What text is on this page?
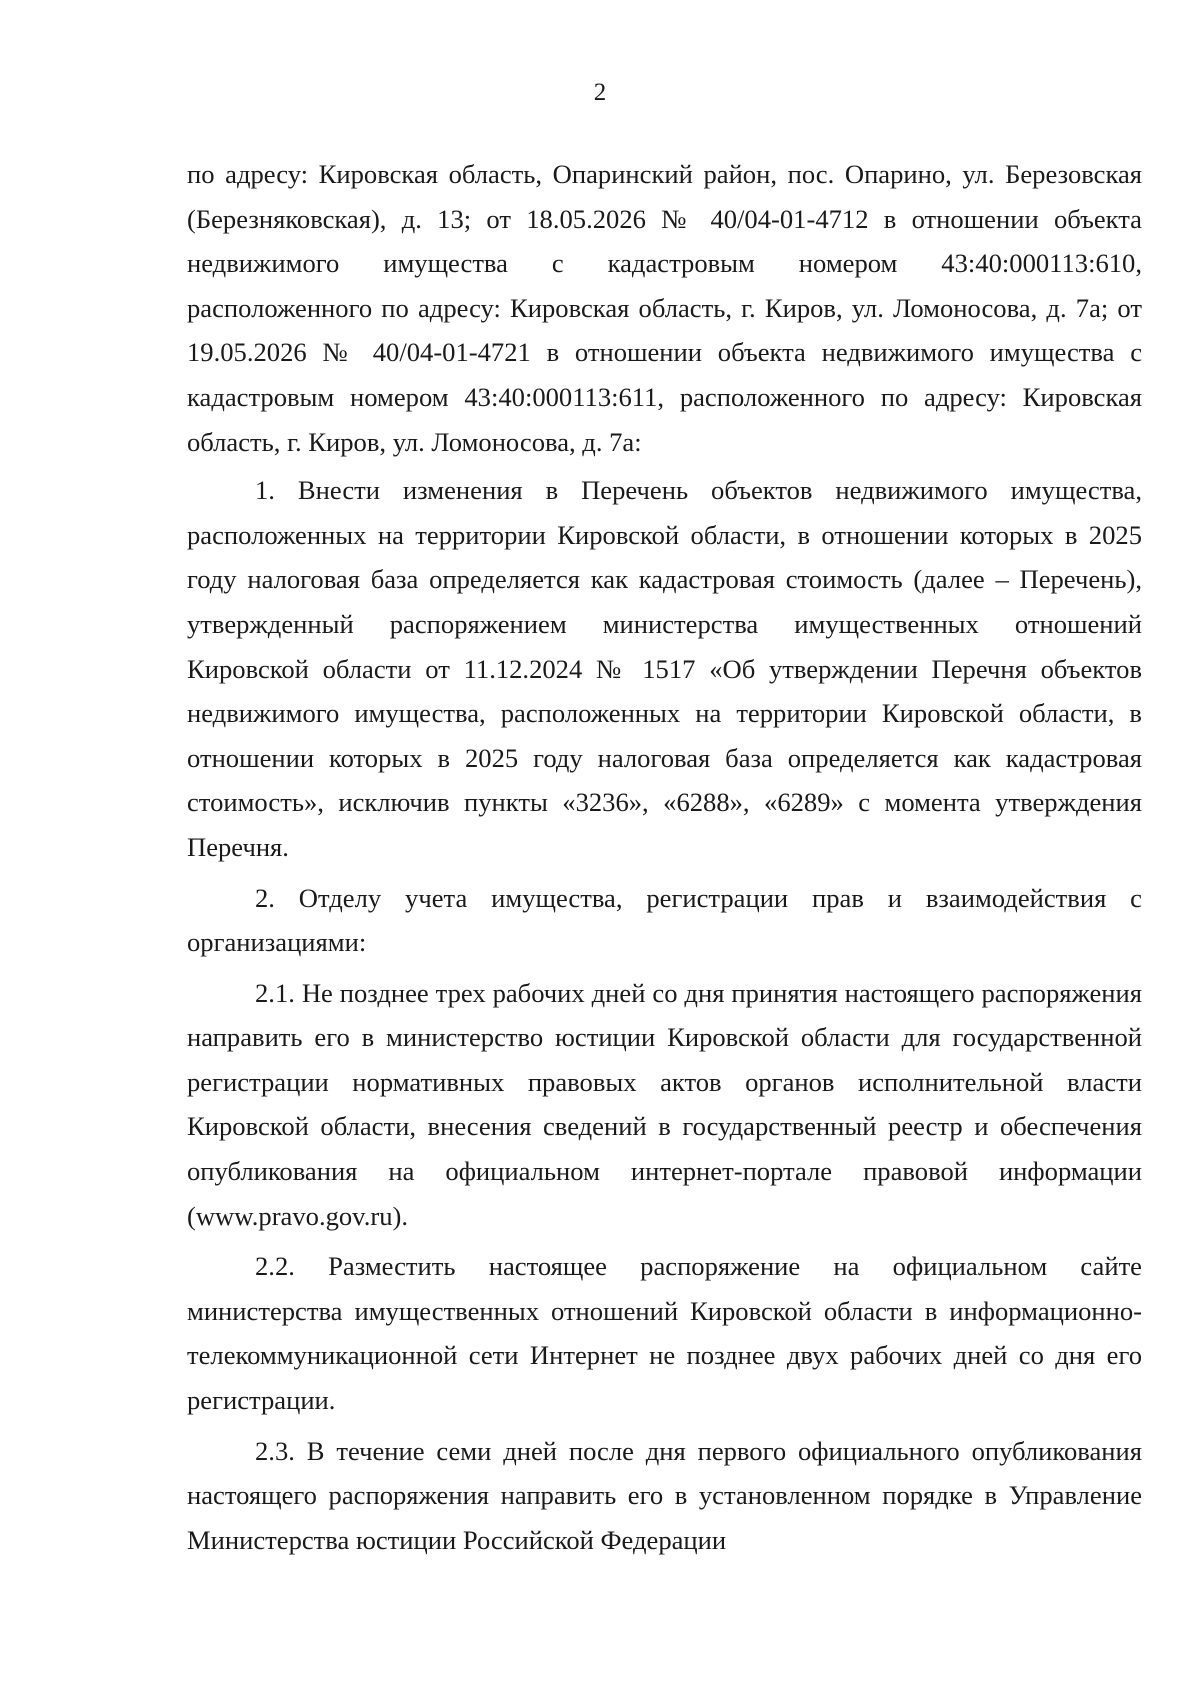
2

по адресу: Кировская область, Опаринский район, пос. Опарино, ул. Березовская (Березняковская), д. 13; от 18.05.2026 № 40/04-01-4712 в отношении объекта недвижимого имущества с кадастровым номером 43:40:000113:610, расположенного по адресу: Кировская область, г. Киров, ул. Ломоносова, д. 7а; от 19.05.2026 № 40/04-01-4721 в отношении объекта недвижимого имущества с кадастровым номером 43:40:000113:611, расположенного по адресу: Кировская область, г. Киров, ул. Ломоносова, д. 7а:

1. Внести изменения в Перечень объектов недвижимого имущества, расположенных на территории Кировской области, в отношении которых в 2025 году налоговая база определяется как кадастровая стоимость (далее – Перечень), утвержденный распоряжением министерства имущественных отношений Кировской области от 11.12.2024 № 1517 «Об утверждении Перечня объектов недвижимого имущества, расположенных на территории Кировской области, в отношении которых в 2025 году налоговая база определяется как кадастровая стоимость», исключив пункты «3236», «6288», «6289» с момента утверждения Перечня.

2. Отделу учета имущества, регистрации прав и взаимодействия с организациями:

2.1. Не позднее трех рабочих дней со дня принятия настоящего распоряжения направить его в министерство юстиции Кировской области для государственной регистрации нормативных правовых актов органов исполнительной власти Кировской области, внесения сведений в государственный реестр и обеспечения опубликования на официальном интернет-портале правовой информации (www.pravo.gov.ru).

2.2. Разместить настоящее распоряжение на официальном сайте министерства имущественных отношений Кировской области в информационно-телекоммуникационной сети Интернет не позднее двух рабочих дней со дня его регистрации.

2.3. В течение семи дней после дня первого официального опубликования настоящего распоряжения направить его в установленном порядке в Управление Министерства юстиции Российской Федерации
